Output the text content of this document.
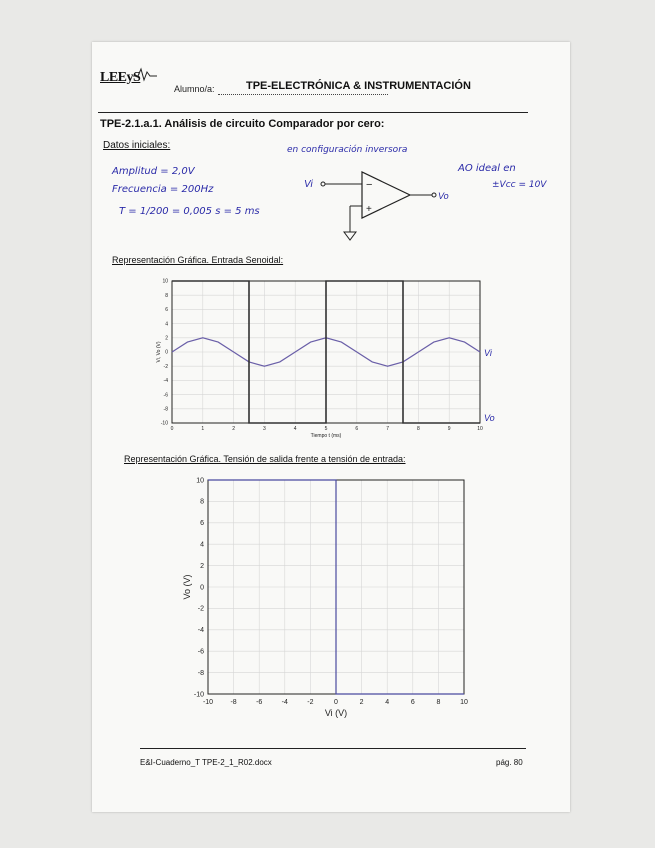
LEEyS
Alumno/a:	TPE-ELECTRÓNICA & INSTRUMENTACIÓN
TPE-2.1.a.1. Análisis de circuito Comparador por cero:
Datos iniciales:	en configuración inversora
Amplitud = 2,0V
Frecuencia = 200Hz
T = 1/200 = 0,005 s = 5 ms
AO ideal en
±Vcc = 10V
Vi	−
+
Vo
Representación Gráfica. Entrada Senoidal:
0	1	2	3	4	5	6	7	8	9	10
-10
-8
-6
-4
-2
0
2
4
6
8
10
Tiempo t (ms)
Vi, Vo (V)	Vi
Vo
Representación Gráfica. Tensión de salida frente a tensión de entrada:
-10 -8	-6	-4	-2	0	2	4	6	8	10
-10
-8
-6
-4
-2
0
2
4
6
8
10
Vi (V)
Vo (V)
E&I-Cuaderno_T TPE-2_1_R02.docx	pág. 80
